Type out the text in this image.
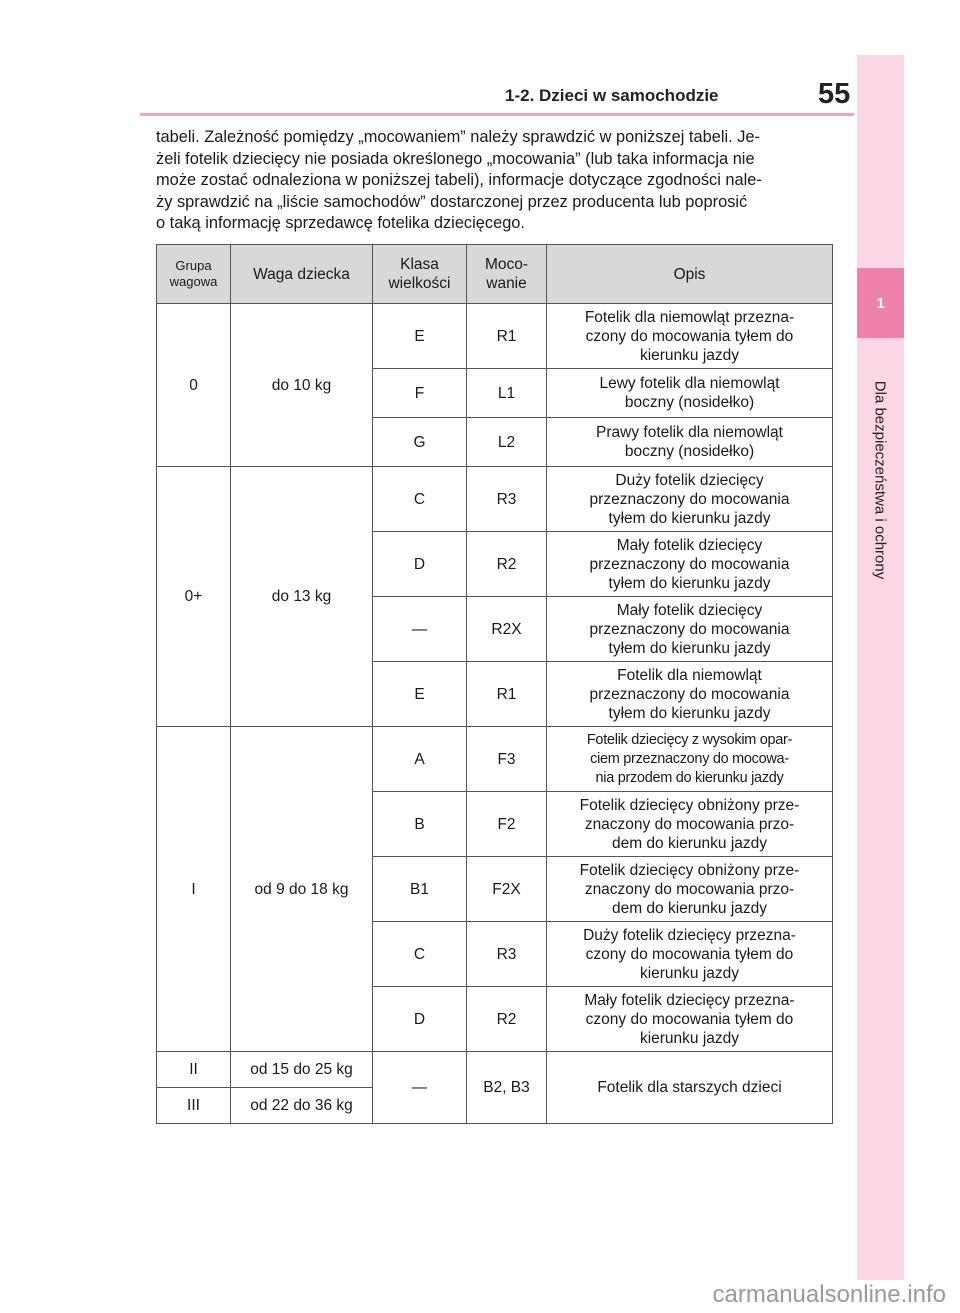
1-2. Dzieci w samochodzie	55
1
Dla bezpieczeństwa i ochrony

tabeli. Zależność pomiędzy „mocowaniem” należy sprawdzić w poniższej tabeli. Je-
żeli fotelik dziecięcy nie posiada określonego „mocowania” (lub taka informacja nie
może zostać odnaleziona w poniższej tabeli), informacje dotyczące zgodności nale-
ży sprawdzić na „liście samochodów” dostarczonej przez producenta lub poprosić
o taką informację sprzedawcę fotelika dziecięcego.

Grupa
wagowa	Waga dziecka	Klasa
wielkości	Moco-
wanie	Opis
0	do 10 kg	E	R1	Fotelik dla niemowląt przezna-
czony do mocowania tyłem do
kierunku jazdy
		F	L1	Lewy fotelik dla niemowląt
boczny (nosidełko)
		G	L2	Prawy fotelik dla niemowląt
boczny (nosidełko)
0+	do 13 kg	C	R3	Duży fotelik dziecięcy
przeznaczony do mocowania
tyłem do kierunku jazdy
		D	R2	Mały fotelik dziecięcy
przeznaczony do mocowania
tyłem do kierunku jazdy
		—	R2X	Mały fotelik dziecięcy
przeznaczony do mocowania
tyłem do kierunku jazdy
		E	R1	Fotelik dla niemowląt
przeznaczony do mocowania
tyłem do kierunku jazdy
I	od 9 do 18 kg	A	F3	Fotelik dziecięcy z wysokim opar-
ciem przeznaczony do mocowa-
nia przodem do kierunku jazdy
		B	F2	Fotelik dziecięcy obniżony prze-
znaczony do mocowania przo-
dem do kierunku jazdy
		B1	F2X	Fotelik dziecięcy obniżony prze-
znaczony do mocowania przo-
dem do kierunku jazdy
		C	R3	Duży fotelik dziecięcy przezna-
czony do mocowania tyłem do
kierunku jazdy
		D	R2	Mały fotelik dziecięcy przezna-
czony do mocowania tyłem do
kierunku jazdy
II	od 15 do 25 kg	—	B2, B3	Fotelik dla starszych dzieci
III	od 22 do 36 kg			
carmanualsonline.info
